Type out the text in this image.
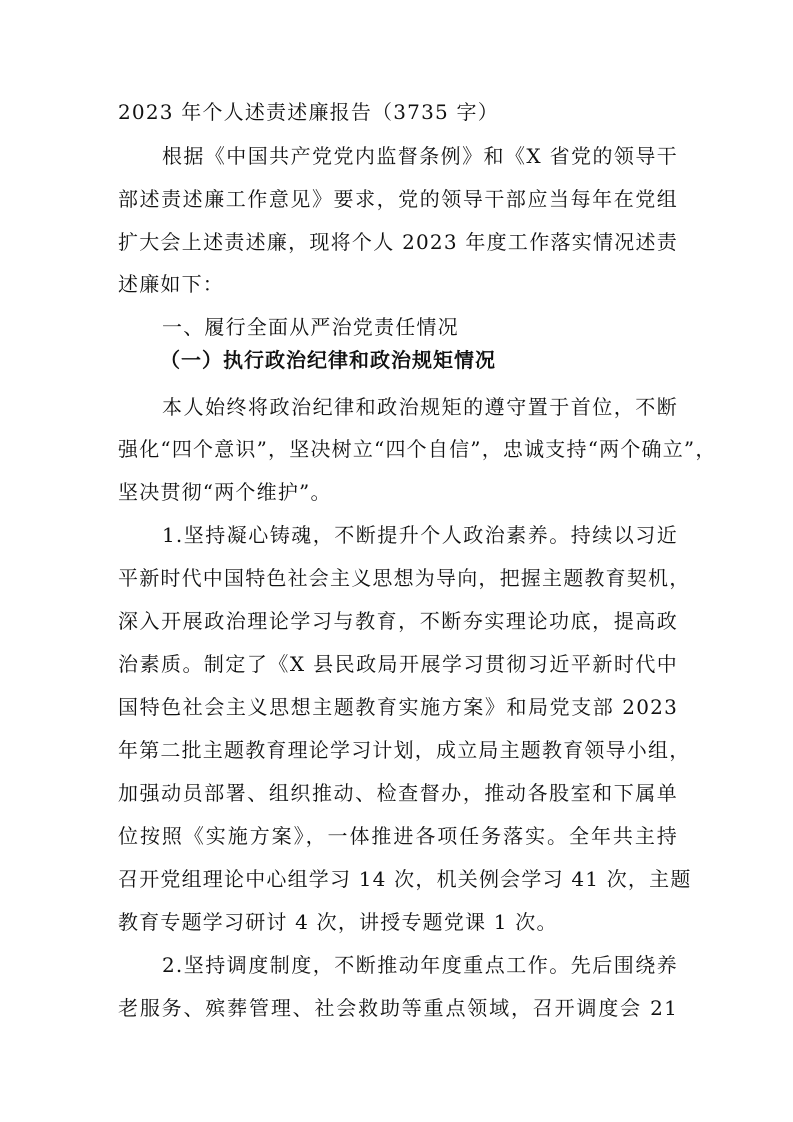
2023 年个人述责述廉报告（3735 字）
根据《中国共产党党内监督条例》和《X 省党的领导干
部述责述廉工作意见》要求，党的领导干部应当每年在党组
扩大会上述责述廉，现将个人 2023 年度工作落实情况述责
述廉如下：
一、履行全面从严治党责任情况
（一）执行政治纪律和政治规矩情况
本人始终将政治纪律和政治规矩的遵守置于首位，不断
强化“四个意识”，坚决树立“四个自信”，忠诚支持“两个确立”，
坚决贯彻“两个维护”。
1.坚持凝心铸魂，不断提升个人政治素养。持续以习近
平新时代中国特色社会主义思想为导向，把握主题教育契机，
深入开展政治理论学习与教育，不断夯实理论功底，提高政
治素质。制定了《X 县民政局开展学习贯彻习近平新时代中
国特色社会主义思想主题教育实施方案》和局党支部 2023
年第二批主题教育理论学习计划，成立局主题教育领导小组，
加强动员部署、组织推动、检查督办，推动各股室和下属单
位按照《实施方案》，一体推进各项任务落实。全年共主持
召开党组理论中心组学习 14 次，机关例会学习 41 次，主题
教育专题学习研讨 4 次，讲授专题党课 1 次。
2.坚持调度制度，不断推动年度重点工作。先后围绕养
老服务、殡葬管理、社会救助等重点领域，召开调度会 21
